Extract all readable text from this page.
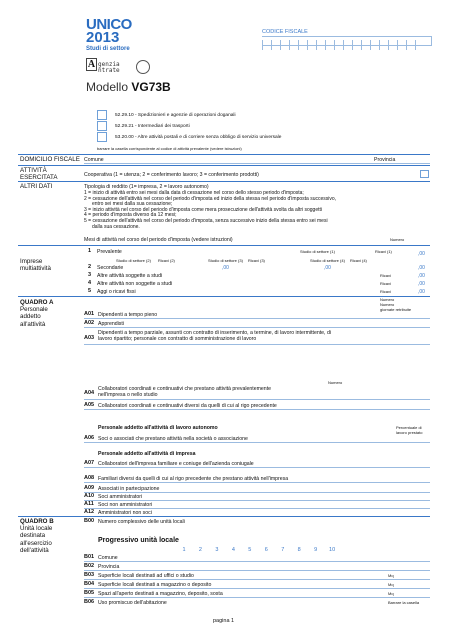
UNICO
2013
Studi di settore
A genzia
ntrate
Modello VG73B
CODICE FISCALE
52.29.10 - Spedizionieri e agenzie di operazioni doganali
52.29.21 - Intermediari dei trasporti
53.20.00 - Altre attività postali e di corriere senza obbligo di servizio universale
barrare la casella corrispondente al codice di attività prevalente (vedere istruzioni)
DOMICILIO FISCALE Comune	Provincia
ATTIVITÀ
ESERCITATA	Cooperativa (1 = utenza; 2 = conferimento lavoro; 3 = conferimento prodotti)
ALTRI DATI	Tipologia di reddito (1= impresa, 2 = lavoro autonomo)
1 = inizio di attività entro sei mesi dalla data di cessazione nel corso dello stesso periodo d'imposta;
2 = cessazione dell'attività nel corso del periodo d'imposta ed inizio della stessa nel periodo d'imposta successivo,
entro sei mesi dalla sua cessazione;
3 = inizio attività nel corso del periodo d'imposta come mera prosecuzione dell'attività svolta da altri soggetti
4 = periodo d'imposta diverso da 12 mesi;
5 = cessazione dell'attività nel corso del periodo d'imposta, senza successivo inizio della stessa entro sei mesi
dalla sua cessazione.
Mesi di attività nel corso del periodo d'imposta (vedere istruzioni)	Numero
Imprese
multiattività
1 Prevalente	Studio di settore (1)	Ricavi (1)	,00
Studio di settore (2) Ricavi (2)	Studio di settore (3) Ricavi (3)	Studio di settore (4) Ricavi (4)
2 Secondarie	,00	,00	,00
3 Altre attività soggette a studi	Ricavi	,00
4 Altre attività non soggette a studi	Ricavi	,00
5 Aggi o ricavi fissi	Ricavi	,00
QUADRO A
Personale
addetto
all'attività
Numero
Numero
giornate retribuite
A01 Dipendenti a tempo pieno
A02 Apprendisti
A03
Dipendenti a tempo parziale, assunti con contratto di inserimento, a termine, di lavoro intermittente, di lavoro ripartito; personale con contratto di somministrazione di lavoro
Numero
A04
Collaboratori coordinati e continuativi che prestano attività prevalentemente nell'impresa o nello studio
A05 Collaboratori coordinati e continuativi diversi da quelli di cui al rigo precedente
Personale addetto all'attività di lavoro autonomo	Percentuale di
lavoro prestato
A06 Soci o associati che prestano attività nella società o associazione
Personale addetto all'attività di impresa
A07 Collaboratori dell'impresa familiare e coniuge dell'azienda coniugale
A08 Familiari diversi da quelli di cui al rigo precedente che prestano attività nell'impresa
A09 Associati in partecipazione
A10 Soci amministratori
A11 Soci non amministratori
A12 Amministratori non soci
QUADRO B
Unità locale
destinata
all'esercizio
dell'attività
B00 Numero complessivo delle unità locali
Progressivo unità locale
1 2 3 4 5 6 7 8 9 10
B01 Comune
B02 Provincia
B03 Superficie locali destinati ad uffici o studio	Mq
B04 Superficie locali destinati a magazzino o deposito	Mq
B05 Spazi all'aperto destinati a magazzino, deposito, sosta	Mq
B06 Uso promiscuo dell'abitazione	Barrare la casella
pagina 1
